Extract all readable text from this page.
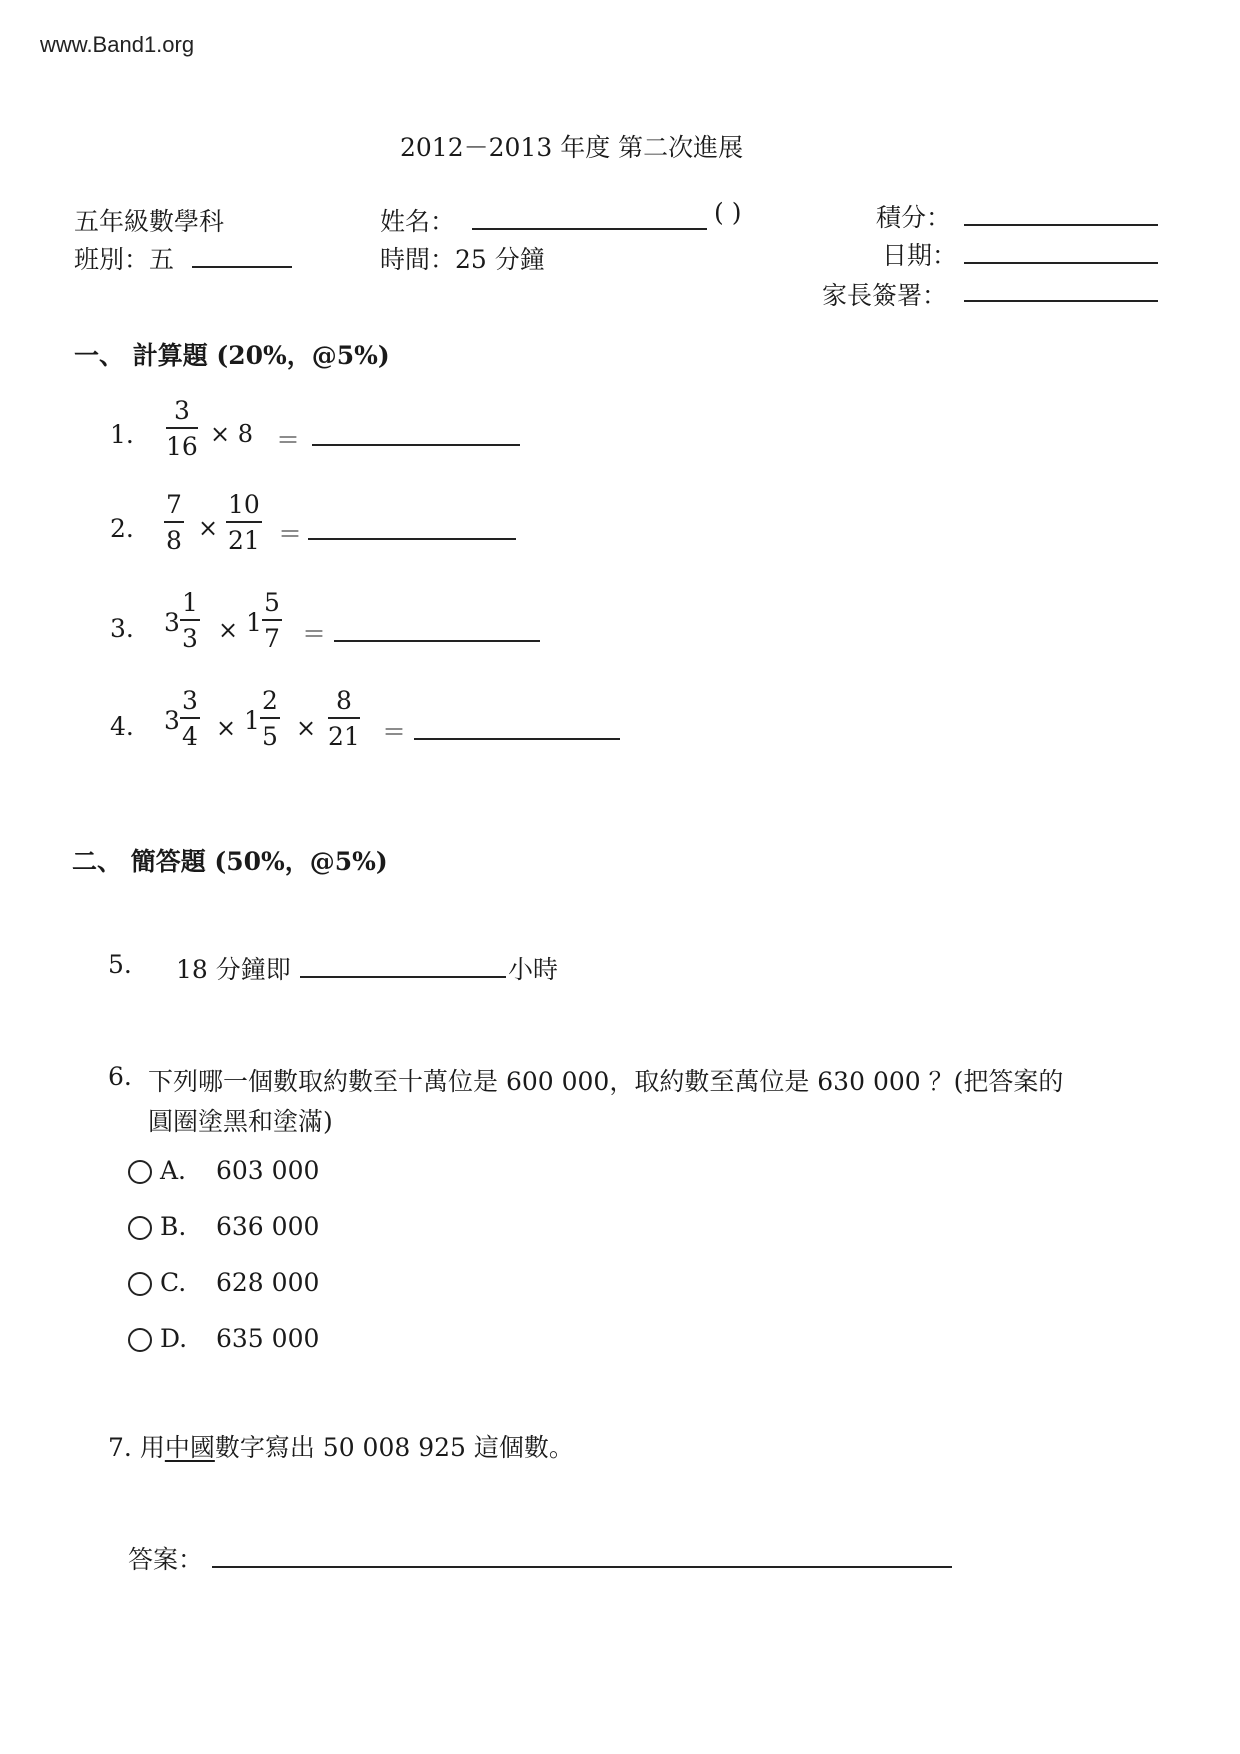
www.Band1.org
2012－2013 年度 第二次進展
五年級數學科
班別：五
姓名：	( )
時間：25 分鐘
積分：
日期：
家長簽署：
一、 計算題 (20%，@5%)
1. $\frac{3}{16} \times 8$ ＝
2. $\frac{7}{8} \times \frac{10}{21}$ ＝
3. $3 \frac{1}{3} \times 1 \frac{5}{7}$ ＝
4. $3 \frac{3}{4} \times 1 \frac{2}{5} \times \frac{8}{21}$ ＝
二、 簡答題 (50%，@5%)
5. 18 分鐘即	小時
6. 下列哪一個數取約數至十萬位是 600 000，取約數至萬位是 630 000 ？(把答案的
圓圈塗黑和塗滿)
A. 603 000
B. 636 000
C. 628 000
D. 635 000
7. 用中國數字寫出 50 008 925 這個數。
答案：
